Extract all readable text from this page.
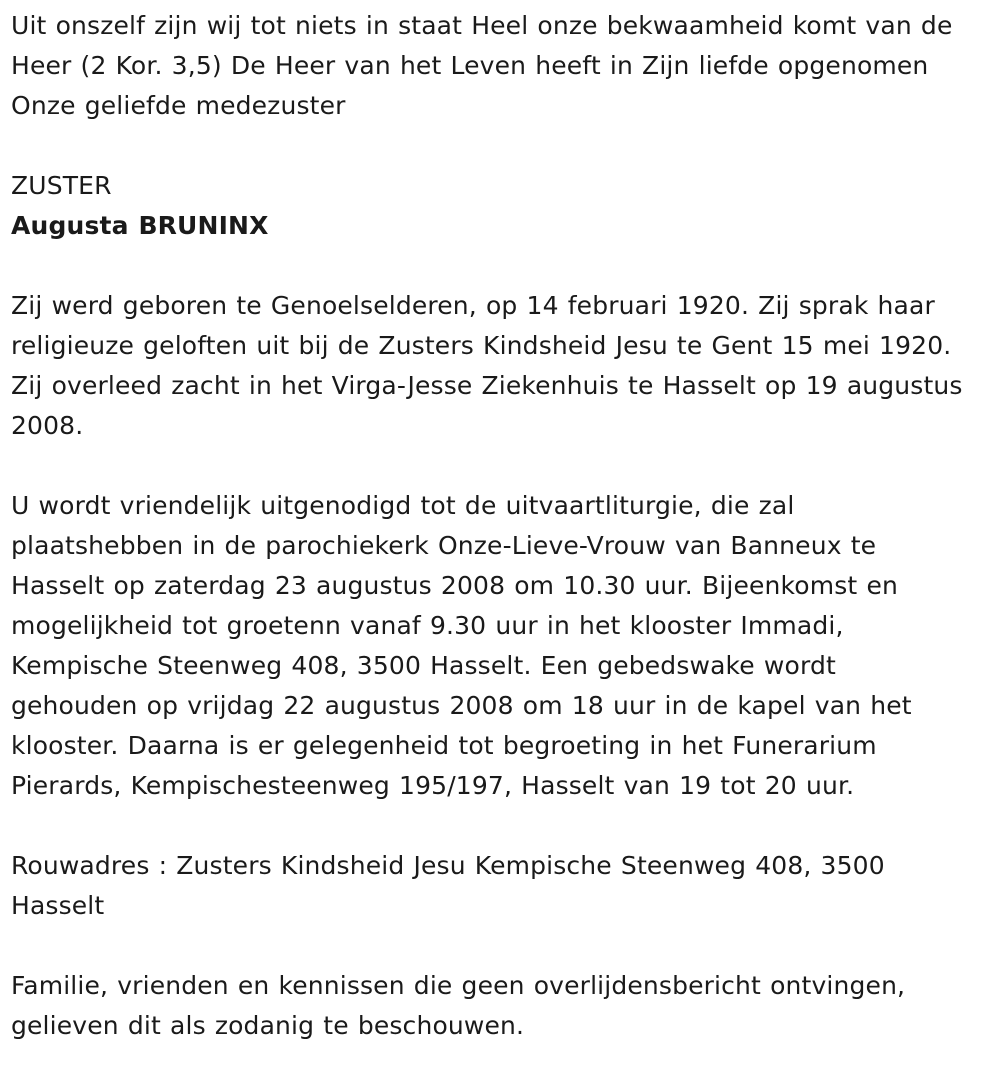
Uit onszelf zijn wij tot niets in staat Heel onze bekwaamheid komt van de
Heer (2 Kor. 3,5) De Heer van het Leven heeft in Zijn liefde opgenomen
Onze geliefde medezuster

ZUSTER

Augusta BRUNINX

Zij werd geboren te Genoelselderen, op 14 februari 1920. Zij sprak haar
religieuze geloften uit bij de Zusters Kindsheid Jesu te Gent 15 mei 1920.
Zij overleed zacht in het Virga-Jesse Ziekenhuis te Hasselt op 19 augustus
2008.

U wordt vriendelijk uitgenodigd tot de uitvaartliturgie, die zal
plaatshebben in de parochiekerk Onze-Lieve-Vrouw van Banneux te
Hasselt op zaterdag 23 augustus 2008 om 10.30 uur. Bijeenkomst en
mogelijkheid tot groetenn vanaf 9.30 uur in het klooster Immadi,
Kempische Steenweg 408, 3500 Hasselt. Een gebedswake wordt
gehouden op vrijdag 22 augustus 2008 om 18 uur in de kapel van het
klooster. Daarna is er gelegenheid tot begroeting in het Funerarium
Pierards, Kempischesteenweg 195/197, Hasselt van 19 tot 20 uur.

Rouwadres : Zusters Kindsheid Jesu Kempische Steenweg 408, 3500
Hasselt

Familie, vrienden en kennissen die geen overlijdensbericht ontvingen,
gelieven dit als zodanig te beschouwen.
